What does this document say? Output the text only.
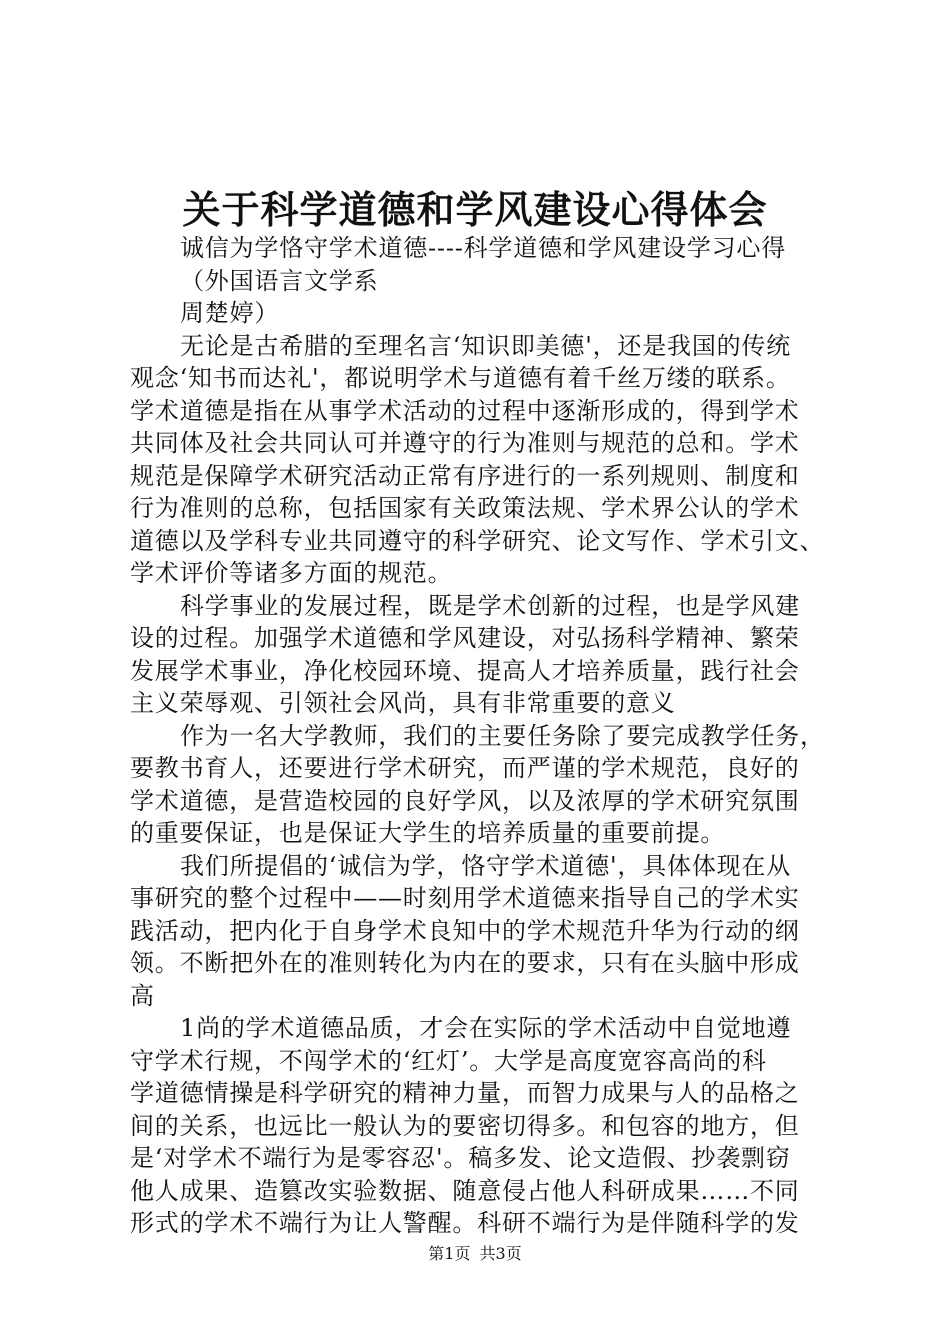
关于科学道德和学风建设心得体会
诚信为学恪守学术道德----科学道德和学风建设学习心得
（外国语言文学系
周楚婷）
无论是古希腊的至理名言‘知识即美德'，还是我国的传统
观念‘知书而达礼'，都说明学术与道德有着千丝万缕的联系。
学术道德是指在从事学术活动的过程中逐渐形成的，得到学术
共同体及社会共同认可并遵守的行为准则与规范的总和。学术
规范是保障学术研究活动正常有序进行的一系列规则、制度和
行为准则的总称，包括国家有关政策法规、学术界公认的学术
道德以及学科专业共同遵守的科学研究、论文写作、学术引文、
学术评价等诸多方面的规范。
科学事业的发展过程，既是学术创新的过程，也是学风建
设的过程。加强学术道德和学风建设，对弘扬科学精神、繁荣
发展学术事业，净化校园环境、提高人才培养质量，践行社会
主义荣辱观、引领社会风尚，具有非常重要的意义
作为一名大学教师，我们的主要任务除了要完成教学任务，
要教书育人，还要进行学术研究，而严谨的学术规范，良好的
学术道德，是营造校园的良好学风，以及浓厚的学术研究氛围
的重要保证，也是保证大学生的培养质量的重要前提。
我们所提倡的‘诚信为学，恪守学术道德'，具体体现在从
事研究的整个过程中——时刻用学术道德来指导自己的学术实
践活动，把内化于自身学术良知中的学术规范升华为行动的纲
领。不断把外在的准则转化为内在的要求，只有在头脑中形成
高
1尚的学术道德品质，才会在实际的学术活动中自觉地遵
守学术行规，不闯学术的‘红灯’。大学是高度宽容高尚的科
学道德情操是科学研究的精神力量，而智力成果与人的品格之
间的关系，也远比一般认为的要密切得多。和包容的地方，但
是‘对学术不端行为是零容忍'。稿多发、论文造假、抄袭剽窃
他人成果、造篡改实验数据、随意侵占他人科研成果……不同
形式的学术不端行为让人警醒。科研不端行为是伴随科学的发
第1页 共3页
